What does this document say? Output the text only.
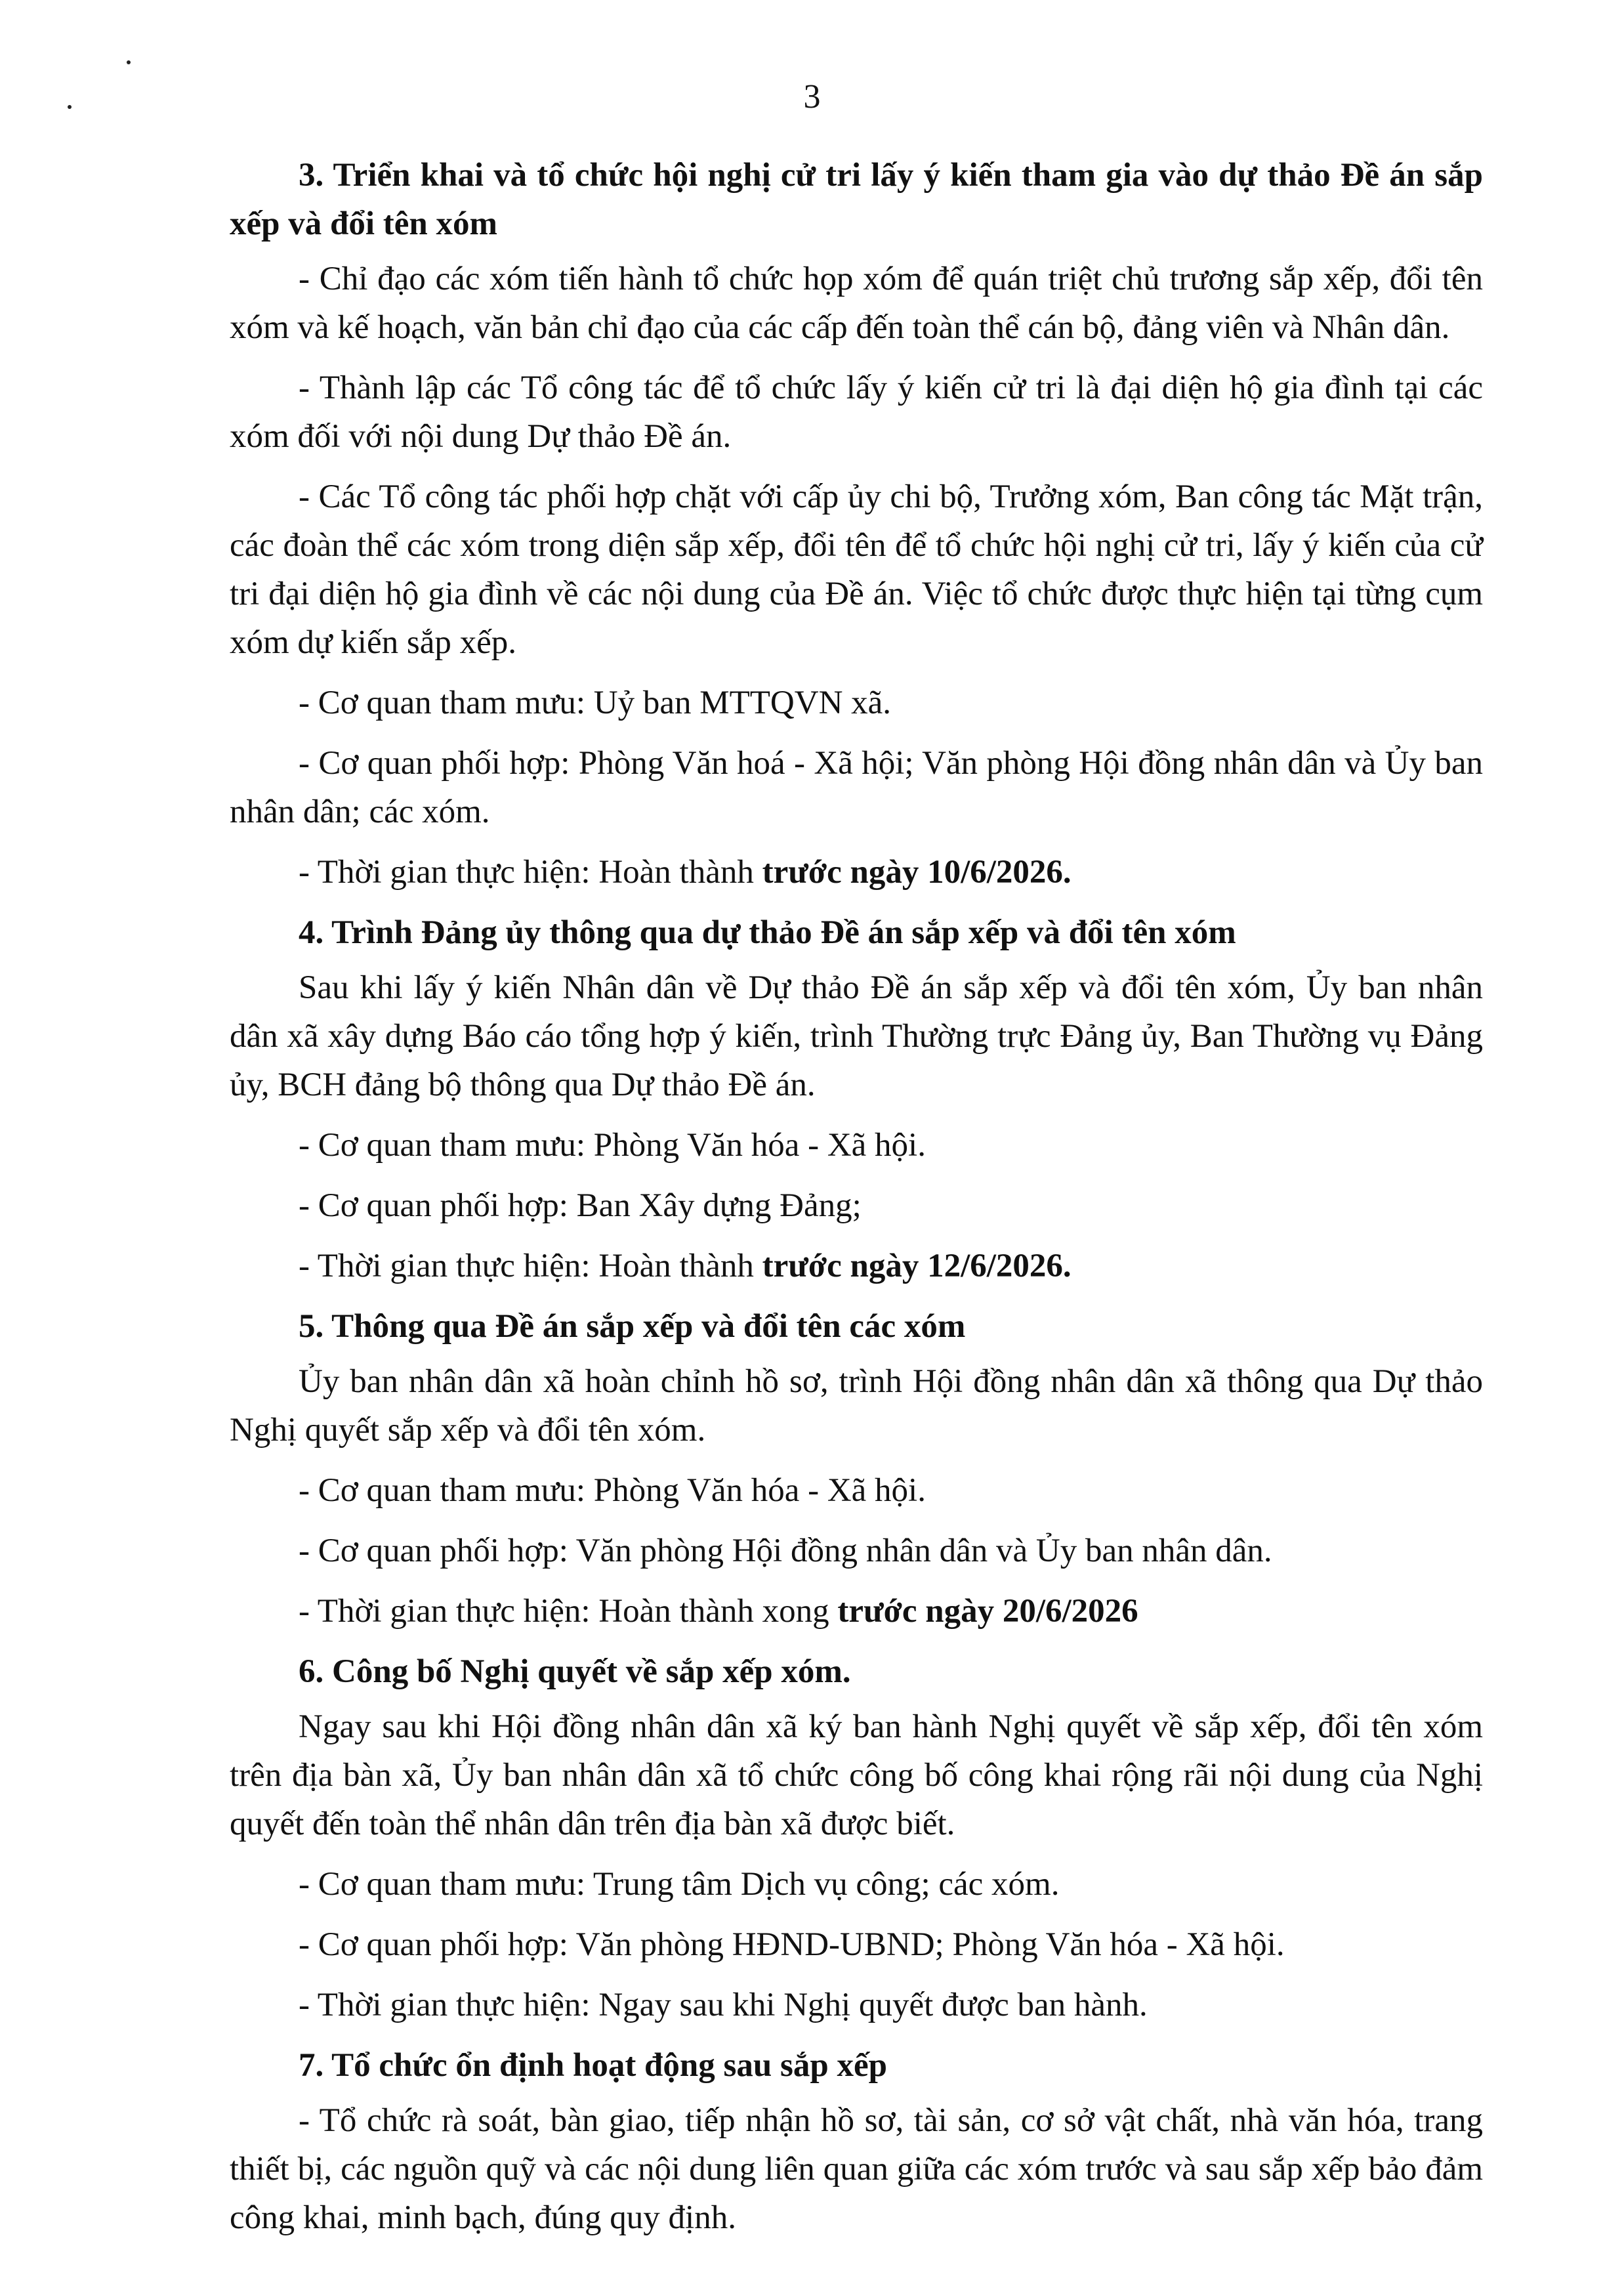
3

3. Triển khai và tổ chức hội nghị cử tri lấy ý kiến tham gia vào dự thảo Đề án sắp xếp và đổi tên xóm

- Chỉ đạo các xóm tiến hành tổ chức họp xóm để quán triệt chủ trương sắp xếp, đổi tên xóm và kế hoạch, văn bản chỉ đạo của các cấp đến toàn thể cán bộ, đảng viên và Nhân dân.

- Thành lập các Tổ công tác để tổ chức lấy ý kiến cử tri là đại diện hộ gia đình tại các xóm đối với nội dung Dự thảo Đề án.

- Các Tổ công tác phối hợp chặt với cấp ủy chi bộ, Trưởng xóm, Ban công tác Mặt trận, các đoàn thể các xóm trong diện sắp xếp, đổi tên để tổ chức hội nghị cử tri, lấy ý kiến của cử tri đại diện hộ gia đình về các nội dung của Đề án. Việc tổ chức được thực hiện tại từng cụm xóm dự kiến sắp xếp.

- Cơ quan tham mưu: Uỷ ban MTTQVN xã.

- Cơ quan phối hợp: Phòng Văn hoá - Xã hội; Văn phòng Hội đồng nhân dân và Ủy ban nhân dân; các xóm.

- Thời gian thực hiện: Hoàn thành trước ngày 10/6/2026.

4. Trình Đảng ủy thông qua dự thảo Đề án sắp xếp và đổi tên xóm

Sau khi lấy ý kiến Nhân dân về Dự thảo Đề án sắp xếp và đổi tên xóm, Ủy ban nhân dân xã xây dựng Báo cáo tổng hợp ý kiến, trình Thường trực Đảng ủy, Ban Thường vụ Đảng ủy, BCH đảng bộ thông qua Dự thảo Đề án.

- Cơ quan tham mưu: Phòng Văn hóa - Xã hội.

- Cơ quan phối hợp: Ban Xây dựng Đảng;

- Thời gian thực hiện: Hoàn thành trước ngày 12/6/2026.

5. Thông qua Đề án sắp xếp và đổi tên các xóm

Ủy ban nhân dân xã hoàn chỉnh hồ sơ, trình Hội đồng nhân dân xã thông qua Dự thảo Nghị quyết sắp xếp và đổi tên xóm.

- Cơ quan tham mưu: Phòng Văn hóa - Xã hội.

- Cơ quan phối hợp: Văn phòng Hội đồng nhân dân và Ủy ban nhân dân.

- Thời gian thực hiện: Hoàn thành xong trước ngày 20/6/2026

6. Công bố Nghị quyết về sắp xếp xóm.

Ngay sau khi Hội đồng nhân dân xã ký ban hành Nghị quyết về sắp xếp, đổi tên xóm trên địa bàn xã, Ủy ban nhân dân xã tổ chức công bố công khai rộng rãi nội dung của Nghị quyết đến toàn thể nhân dân trên địa bàn xã được biết.

- Cơ quan tham mưu: Trung tâm Dịch vụ công; các xóm.

- Cơ quan phối hợp: Văn phòng HĐND-UBND; Phòng Văn hóa - Xã hội.

- Thời gian thực hiện: Ngay sau khi Nghị quyết được ban hành.

7. Tổ chức ổn định hoạt động sau sắp xếp

- Tổ chức rà soát, bàn giao, tiếp nhận hồ sơ, tài sản, cơ sở vật chất, nhà văn hóa, trang thiết bị, các nguồn quỹ và các nội dung liên quan giữa các xóm trước và sau sắp xếp bảo đảm công khai, minh bạch, đúng quy định.
